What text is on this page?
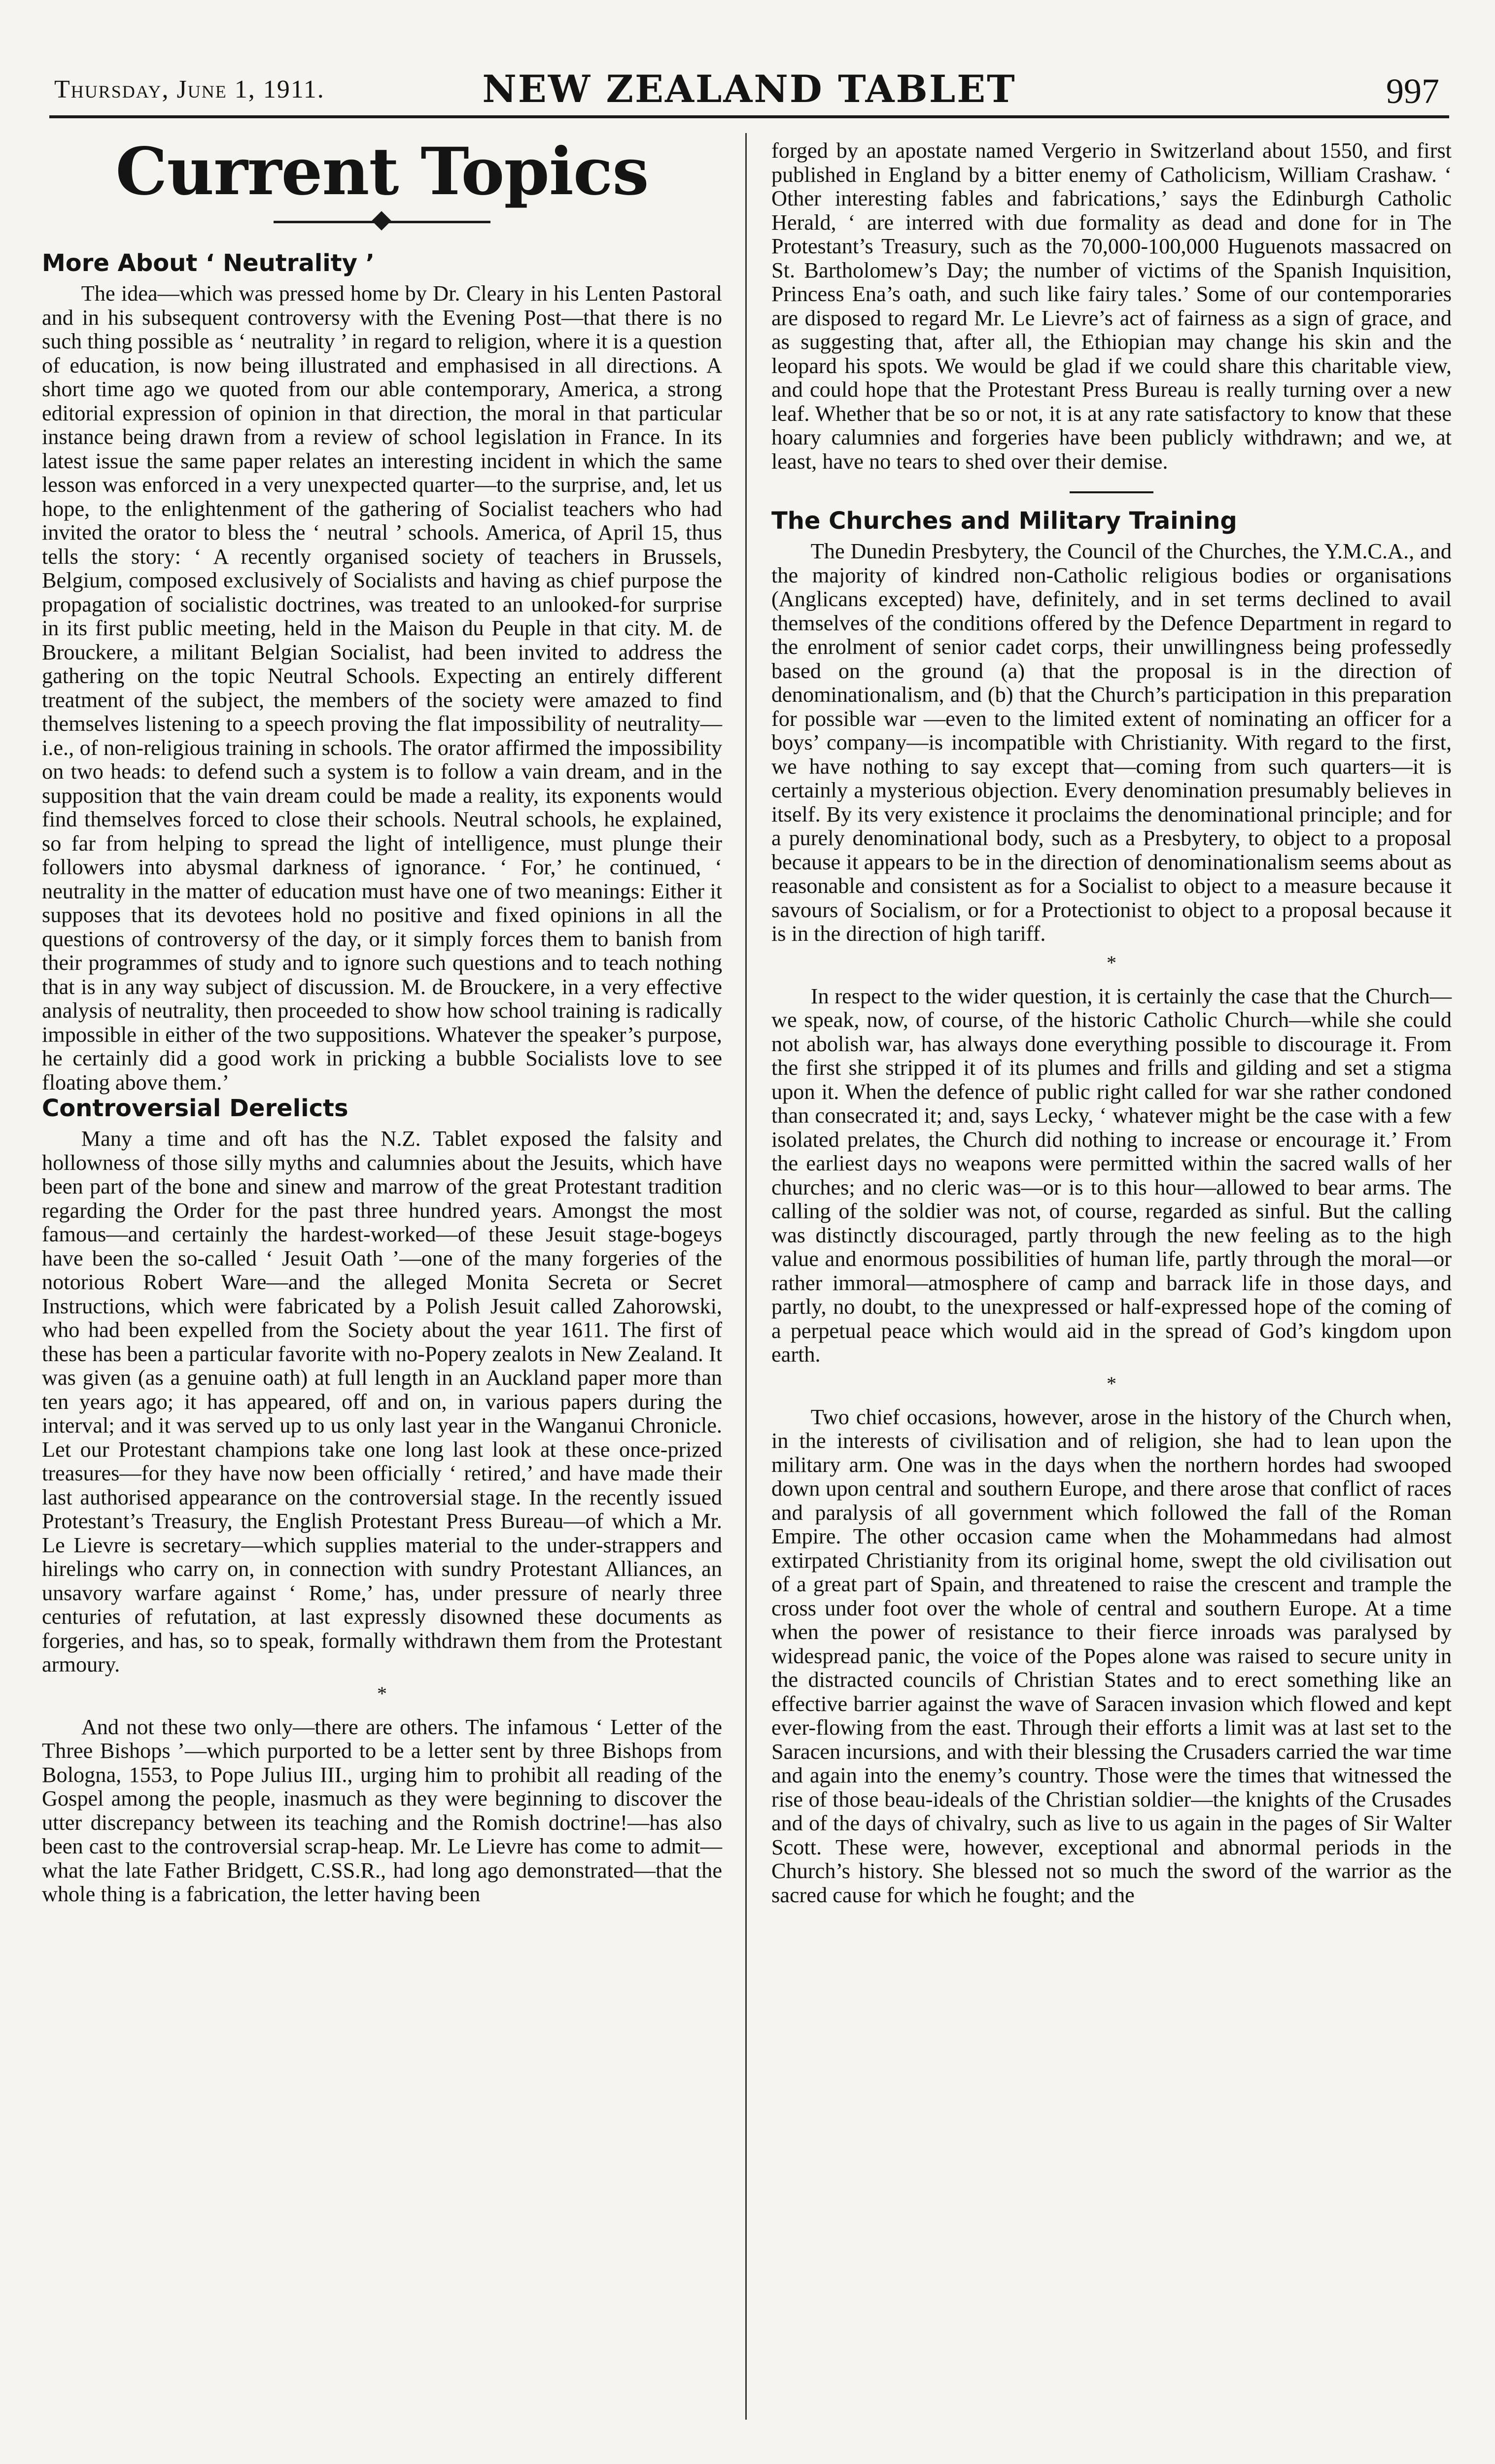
Thursday, June 1, 1911.	NEW ZEALAND TABLET	997
Current Topics
More About ‘ Neutrality ’

The idea—which was pressed home by Dr. Cleary in his Lenten Pastoral and in his subsequent controversy with the Evening Post—that there is no such thing possible as ‘ neutrality ’ in regard to religion, where it is a question of education, is now being illustrated and emphasised in all directions. A short time ago we quoted from our able contemporary, America, a strong editorial expression of opinion in that direction, the moral in that particular instance being drawn from a review of school legislation in France. In its latest issue the same paper relates an interesting incident in which the same lesson was enforced in a very unexpected quarter—to the surprise, and, let us hope, to the enlightenment of the gathering of Socialist teachers who had invited the orator to bless the ‘ neutral ’ schools. America, of April 15, thus tells the story: ‘ A recently organised society of teachers in Brussels, Belgium, composed exclusively of Socialists and having as chief purpose the propagation of socialistic doctrines, was treated to an unlooked-for surprise in its first public meeting, held in the Maison du Peuple in that city. M. de Brouckere, a militant Belgian Socialist, had been invited to address the gathering on the topic Neutral Schools. Expecting an entirely different treatment of the subject, the members of the society were amazed to find themselves listening to a speech proving the flat impossibility of neutrality—i.e., of non-religious training in schools. The orator affirmed the impossibility on two heads: to defend such a system is to follow a vain dream, and in the supposition that the vain dream could be made a reality, its exponents would find themselves forced to close their schools. Neutral schools, he explained, so far from helping to spread the light of intelligence, must plunge their followers into abysmal darkness of ignorance. ‘ For,’ he continued, ‘ neutrality in the matter of education must have one of two meanings: Either it supposes that its devotees hold no positive and fixed opinions in all the questions of controversy of the day, or it simply forces them to banish from their programmes of study and to ignore such questions and to teach nothing that is in any way subject of discussion. M. de Brouckere, in a very effective analysis of neutrality, then proceeded to show how school training is radically impossible in either of the two suppositions. Whatever the speaker’s purpose, he certainly did a good work in pricking a bubble Socialists love to see floating above them.’

Controversial Derelicts

Many a time and oft has the N.Z. Tablet exposed the falsity and hollowness of those silly myths and calumnies about the Jesuits, which have been part of the bone and sinew and marrow of the great Protestant tradition regarding the Order for the past three hundred years. Amongst the most famous—and certainly the hardest-worked—of these Jesuit stage-bogeys have been the so-called ‘ Jesuit Oath ’—one of the many forgeries of the notorious Robert Ware—and the alleged Monita Secreta or Secret Instructions, which were fabricated by a Polish Jesuit called Zahorowski, who had been expelled from the Society about the year 1611. The first of these has been a particular favorite with no-Popery zealots in New Zealand. It was given (as a genuine oath) at full length in an Auckland paper more than ten years ago; it has appeared, off and on, in various papers during the interval; and it was served up to us only last year in the Wanganui Chronicle. Let our Protestant champions take one long last look at these once-prized treasures—for they have now been officially ‘ retired,’ and have made their last authorised appearance on the controversial stage. In the recently issued Protestant’s Treasury, the English Protestant Press Bureau—of which a Mr. Le Lievre is secretary—which supplies material to the under-strappers and hirelings who carry on, in connection with sundry Protestant Alliances, an unsavory warfare against ‘ Rome,’ has, under pressure of nearly three centuries of refutation, at last expressly disowned these documents as forgeries, and has, so to speak, formally withdrawn them from the Protestant armoury.

*

And not these two only—there are others. The infamous ‘ Letter of the Three Bishops ’—which purported to be a letter sent by three Bishops from Bologna, 1553, to Pope Julius III., urging him to prohibit all reading of the Gospel among the people, inasmuch as they were beginning to discover the utter discrepancy between its teaching and the Romish doctrine!—has also been cast to the controversial scrap-heap. Mr. Le Lievre has come to admit—what the late Father Bridgett, C.SS.R., had long ago demonstrated—that the whole thing is a fabrication, the letter having been

forged by an apostate named Vergerio in Switzerland about 1550, and first published in England by a bitter enemy of Catholicism, William Crashaw. ‘ Other interesting fables and fabrications,’ says the Edinburgh Catholic Herald, ‘ are interred with due formality as dead and done for in The Protestant’s Treasury, such as the 70,000-100,000 Huguenots massacred on St. Bartholomew’s Day; the number of victims of the Spanish Inquisition, Princess Ena’s oath, and such like fairy tales.’ Some of our contemporaries are disposed to regard Mr. Le Lievre’s act of fairness as a sign of grace, and as suggesting that, after all, the Ethiopian may change his skin and the leopard his spots. We would be glad if we could share this charitable view, and could hope that the Protestant Press Bureau is really turning over a new leaf. Whether that be so or not, it is at any rate satisfactory to know that these hoary calumnies and forgeries have been publicly withdrawn; and we, at least, have no tears to shed over their demise.

The Churches and Military Training

The Dunedin Presbytery, the Council of the Churches, the Y.M.C.A., and the majority of kindred non-Catholic religious bodies or organisations (Anglicans excepted) have, definitely, and in set terms declined to avail themselves of the conditions offered by the Defence Department in regard to the enrolment of senior cadet corps, their unwillingness being professedly based on the ground (a) that the proposal is in the direction of denominationalism, and (b) that the Church’s participation in this preparation for possible war —even to the limited extent of nominating an officer for a boys’ company—is incompatible with Christianity. With regard to the first, we have nothing to say except that—coming from such quarters—it is certainly a mysterious objection. Every denomination presumably believes in itself. By its very existence it proclaims the denominational principle; and for a purely denominational body, such as a Presbytery, to object to a proposal because it appears to be in the direction of denominationalism seems about as reasonable and consistent as for a Socialist to object to a measure because it savours of Socialism, or for a Protectionist to object to a proposal because it is in the direction of high tariff.

*

In respect to the wider question, it is certainly the case that the Church—we speak, now, of course, of the historic Catholic Church—while she could not abolish war, has always done everything possible to discourage it. From the first she stripped it of its plumes and frills and gilding and set a stigma upon it. When the defence of public right called for war she rather condoned than consecrated it; and, says Lecky, ‘ whatever might be the case with a few isolated prelates, the Church did nothing to increase or encourage it.’ From the earliest days no weapons were permitted within the sacred walls of her churches; and no cleric was—or is to this hour—allowed to bear arms. The calling of the soldier was not, of course, regarded as sinful. But the calling was distinctly discouraged, partly through the new feeling as to the high value and enormous possibilities of human life, partly through the moral—or rather immoral—atmosphere of camp and barrack life in those days, and partly, no doubt, to the unexpressed or half-expressed hope of the coming of a perpetual peace which would aid in the spread of God’s kingdom upon earth.

*

Two chief occasions, however, arose in the history of the Church when, in the interests of civilisation and of religion, she had to lean upon the military arm. One was in the days when the northern hordes had swooped down upon central and southern Europe, and there arose that conflict of races and paralysis of all government which followed the fall of the Roman Empire. The other occasion came when the Mohammedans had almost extirpated Christianity from its original home, swept the old civilisation out of a great part of Spain, and threatened to raise the crescent and trample the cross under foot over the whole of central and southern Europe. At a time when the power of resistance to their fierce inroads was paralysed by widespread panic, the voice of the Popes alone was raised to secure unity in the distracted councils of Christian States and to erect something like an effective barrier against the wave of Saracen invasion which flowed and kept ever-flowing from the east. Through their efforts a limit was at last set to the Saracen incursions, and with their blessing the Crusaders carried the war time and again into the enemy’s country. Those were the times that witnessed the rise of those beau-ideals of the Christian soldier—the knights of the Crusades and of the days of chivalry, such as live to us again in the pages of Sir Walter Scott. These were, however, exceptional and abnormal periods in the Church’s history. She blessed not so much the sword of the warrior as the sacred cause for which he fought; and the
